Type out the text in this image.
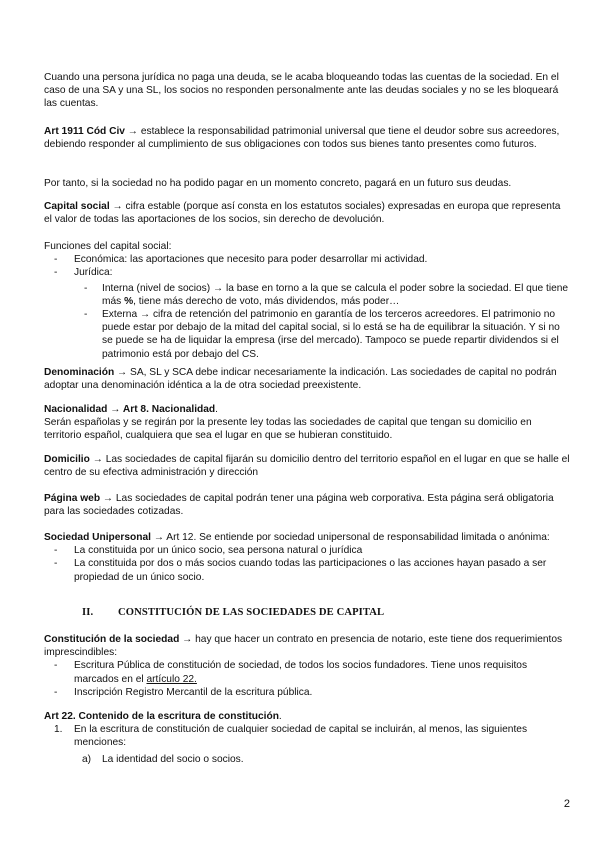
Cuando una persona jurídica no paga una deuda, se le acaba bloqueando todas las cuentas de la sociedad. En el caso de una SA y una SL, los socios no responden personalmente ante las deudas sociales y no se les bloqueará las cuentas.

Art 1911 Cód Civ → establece la responsabilidad patrimonial universal que tiene el deudor sobre sus acreedores, debiendo responder al cumplimiento de sus obligaciones con todos sus bienes tanto presentes como futuros.

Por tanto, si la sociedad no ha podido pagar en un momento concreto, pagará en un futuro sus deudas.

Capital social → cifra estable (porque así consta en los estatutos sociales) expresadas en europa que representa el valor de todas las aportaciones de los socios, sin derecho de devolución.

Funciones del capital social:

- Económica: las aportaciones que necesito para poder desarrollar mi actividad.
- Jurídica:
- Interna (nivel de socios) → la base en torno a la que se calcula el poder sobre la sociedad. El que tiene más %, tiene más derecho de voto, más dividendos, más poder…
- Externa → cifra de retención del patrimonio en garantía de los terceros acreedores. El patrimonio no puede estar por debajo de la mitad del capital social, si lo está se ha de equilibrar la situación. Y si no se puede se ha de liquidar la empresa (irse del mercado). Tampoco se puede repartir dividendos si el patrimonio está por debajo del CS.

Denominación → SA, SL y SCA debe indicar necesariamente la indicación. Las sociedades de capital no podrán adoptar una denominación idéntica a la de otra sociedad preexistente.

Nacionalidad → Art 8. Nacionalidad.

Serán españolas y se regirán por la presente ley todas las sociedades de capital que tengan su domicilio en territorio español, cualquiera que sea el lugar en que se hubieran constituido.

Domicilio → Las sociedades de capital fijarán su domicilio dentro del territorio español en el lugar en que se halle el centro de su efectiva administración y dirección

Página web → Las sociedades de capital podrán tener una página web corporativa. Esta página será obligatoria para las sociedades cotizadas.

Sociedad Unipersonal → Art 12. Se entiende por sociedad unipersonal de responsabilidad limitada o anónima:

- La constituida por un único socio, sea persona natural o jurídica
- La constituida por dos o más socios cuando todas las participaciones o las acciones hayan pasado a ser propiedad de un único socio.
II. CONSTITUCIÓN DE LAS SOCIEDADES DE CAPITAL

Constitución de la sociedad → hay que hacer un contrato en presencia de notario, este tiene dos requerimientos imprescindibles:

- Escritura Pública de constitución de sociedad, de todos los socios fundadores. Tiene unos requisitos marcados en el artículo 22.
- Inscripción Registro Mercantil de la escritura pública.

Art 22. Contenido de la escritura de constitución.

1. En la escritura de constitución de cualquier sociedad de capital se incluirán, al menos, las siguientes menciones:
a) La identidad del socio o socios.
2
